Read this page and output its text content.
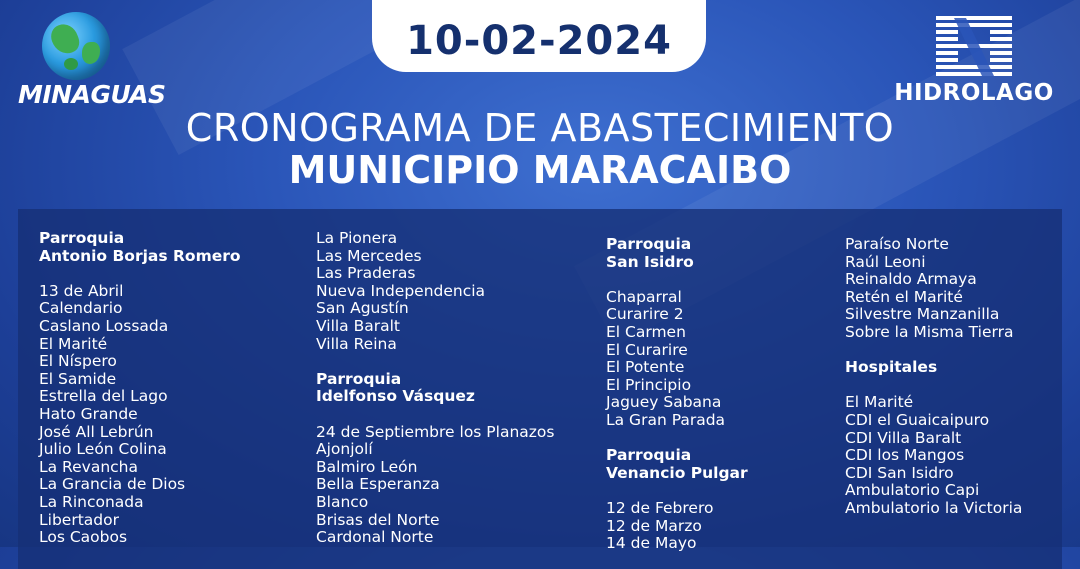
10-02-2024
MINAGUAS	HIDROLAGO
CRONOGRAMA DE ABASTECIMIENTO
MUNICIPIO MARACAIBO
Parroquia
Antonio Borjas Romero
13 de Abril
Calendario
Caslano Lossada
El Marité
El Níspero
El Samide
Estrella del Lago
Hato Grande
José All Lebrún
Julio León Colina
La Revancha
La Grancia de Dios
La Rinconada
Libertador
Los Caobos
La Pionera
Las Mercedes
Las Praderas
Nueva Independencia
San Agustín
Villa Baralt
Villa Reina
Parroquia
Idelfonso Vásquez
24 de Septiembre los Planazos
Ajonjolí
Balmiro León
Bella Esperanza
Blanco
Brisas del Norte
Cardonal Norte
Parroquia
San Isidro
Chaparral
Curarire 2
El Carmen
El Curarire
El Potente
El Principio
Jaguey Sabana
La Gran Parada
Parroquia
Venancio Pulgar
12 de Febrero
12 de Marzo
14 de Mayo
Paraíso Norte
Raúl Leoni
Reinaldo Armaya
Retén el Marité
Silvestre Manzanilla
Sobre la Misma Tierra
Hospitales
El Marité
CDI el Guaicaipuro
CDI Villa Baralt
CDI los Mangos
CDI San Isidro
Ambulatorio Capi
Ambulatorio la Victoria
